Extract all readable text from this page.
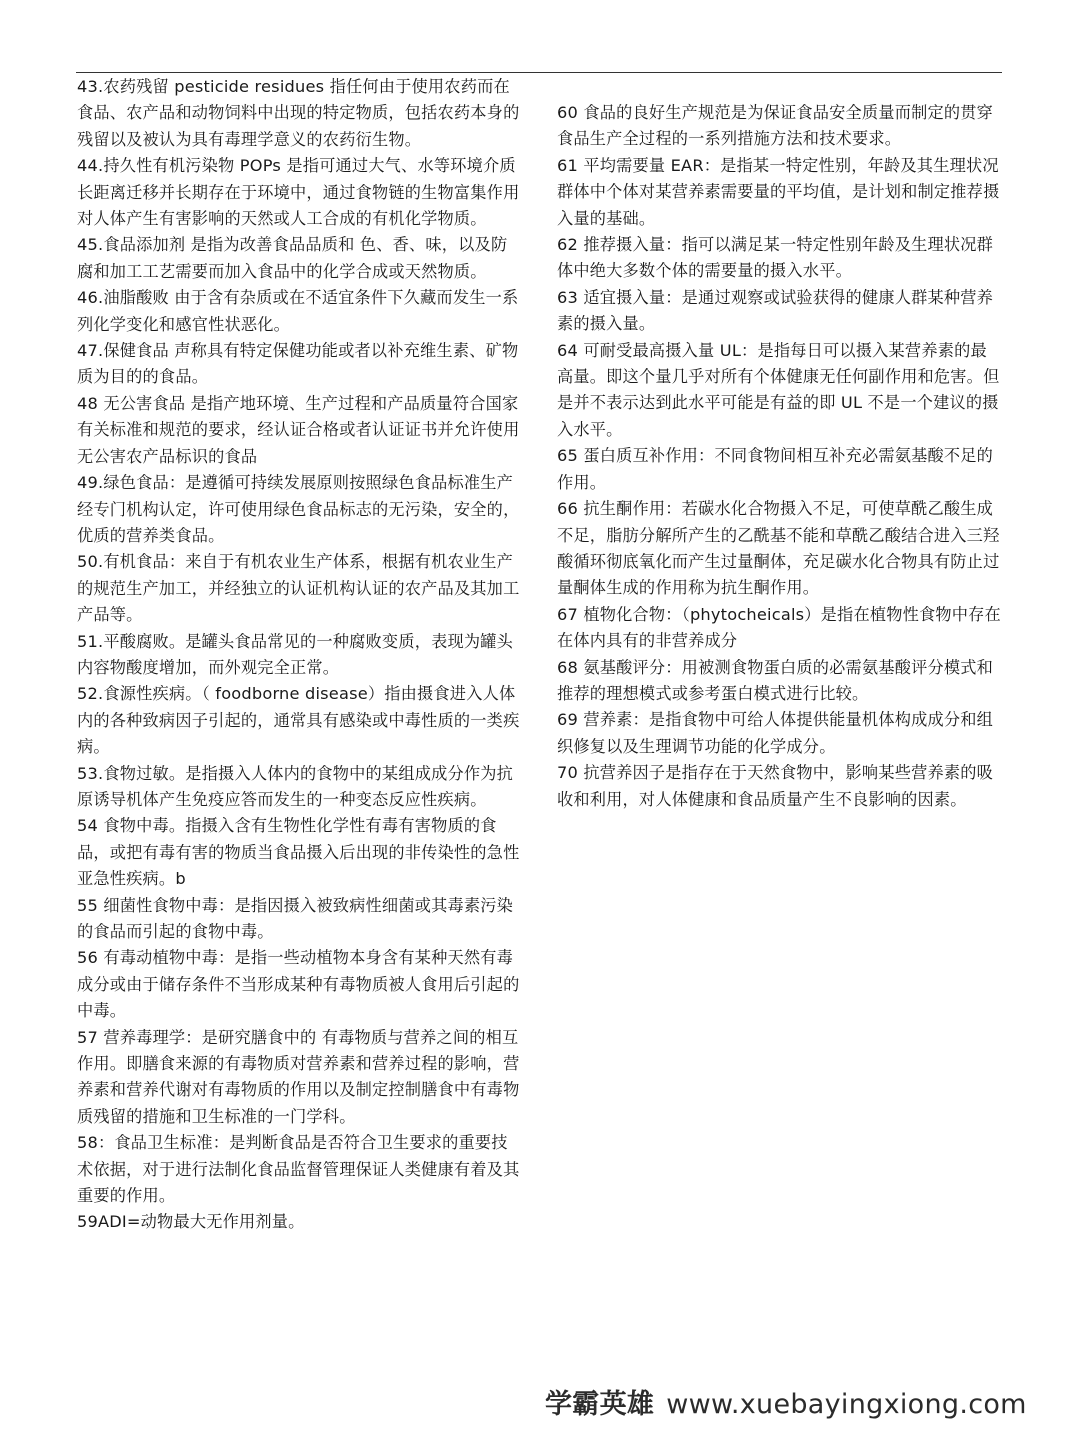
43.农药残留 pesticide residues 指任何由于使用农药而在食品、农产品和动物饲料中出现的特定物质，包括农药本身的残留以及被认为具有毒理学意义的农药衍生物。

44.持久性有机污染物 POPs 是指可通过大气、水等环境介质长距离迁移并长期存在于环境中，通过食物链的生物富集作用对人体产生有害影响的天然或人工合成的有机化学物质。

45.食品添加剂 是指为改善食品品质和 色、香、味，以及防腐和加工工艺需要而加入食品中的化学合成或天然物质。

46.油脂酸败 由于含有杂质或在不适宜条件下久藏而发生一系列化学变化和感官性状恶化。

47.保健食品 声称具有特定保健功能或者以补充维生素、矿物质为目的的食品。

48 无公害食品 是指产地环境、生产过程和产品质量符合国家有关标准和规范的要求，经认证合格或者认证证书并允许使用无公害农产品标识的食品

49.绿色食品：是遵循可持续发展原则按照绿色食品标准生产经专门机构认定，许可使用绿色食品标志的无污染，安全的，优质的营养类食品。

50.有机食品：来自于有机农业生产体系，根据有机农业生产的规范生产加工，并经独立的认证机构认证的农产品及其加工产品等。

51.平酸腐败。是罐头食品常见的一种腐败变质，表现为罐头内容物酸度增加，而外观完全正常。

52.食源性疾病。（ foodborne disease）指由摄食进入人体内的各种致病因子引起的，通常具有感染或中毒性质的一类疾病。

53.食物过敏。是指摄入人体内的食物中的某组成成分作为抗原诱导机体产生免疫应答而发生的一种变态反应性疾病。

54 食物中毒。指摄入含有生物性化学性有毒有害物质的食品，或把有毒有害的物质当食品摄入后出现的非传染性的急性亚急性疾病。b

55 细菌性食物中毒：是指因摄入被致病性细菌或其毒素污染的食品而引起的食物中毒。

56 有毒动植物中毒：是指一些动植物本身含有某种天然有毒成分或由于储存条件不当形成某种有毒物质被人食用后引起的中毒。

57 营养毒理学：是研究膳食中的 有毒物质与营养之间的相互作用。即膳食来源的有毒物质对营养素和营养过程的影响，营养素和营养代谢对有毒物质的作用以及制定控制膳食中有毒物质残留的措施和卫生标准的一门学科。

58：食品卫生标准：是判断食品是否符合卫生要求的重要技术依据，对于进行法制化食品监督管理保证人类健康有着及其重要的作用。

59ADI=动物最大无作用剂量。

60 食品的良好生产规范是为保证食品安全质量而制定的贯穿食品生产全过程的一系列措施方法和技术要求。

61 平均需要量 EAR：是指某一特定性别，年龄及其生理状况群体中个体对某营养素需要量的平均值，是计划和制定推荐摄入量的基础。

62 推荐摄入量：指可以满足某一特定性别年龄及生理状况群体中绝大多数个体的需要量的摄入水平。

63 适宜摄入量：是通过观察或试验获得的健康人群某种营养素的摄入量。

64 可耐受最高摄入量 UL：是指每日可以摄入某营养素的最高量。即这个量几乎对所有个体健康无任何副作用和危害。但是并不表示达到此水平可能是有益的即 UL 不是一个建议的摄入水平。

65 蛋白质互补作用：不同食物间相互补充必需氨基酸不足的作用。

66 抗生酮作用：若碳水化合物摄入不足，可使草酰乙酸生成不足，脂肪分解所产生的乙酰基不能和草酰乙酸结合进入三羟酸循环彻底氧化而产生过量酮体，充足碳水化合物具有防止过量酮体生成的作用称为抗生酮作用。

67 植物化合物：（phytocheicals）是指在植物性食物中存在在体内具有的非营养成分

68 氨基酸评分：用被测食物蛋白质的必需氨基酸评分模式和推荐的理想模式或参考蛋白模式进行比较。

69 营养素：是指食物中可给人体提供能量机体构成成分和组织修复以及生理调节功能的化学成分。

70 抗营养因子是指存在于天然食物中，影响某些营养素的吸收和利用，对人体健康和食品质量产生不良影响的因素。

学霸英雄 www.xuebayingxiong.com
